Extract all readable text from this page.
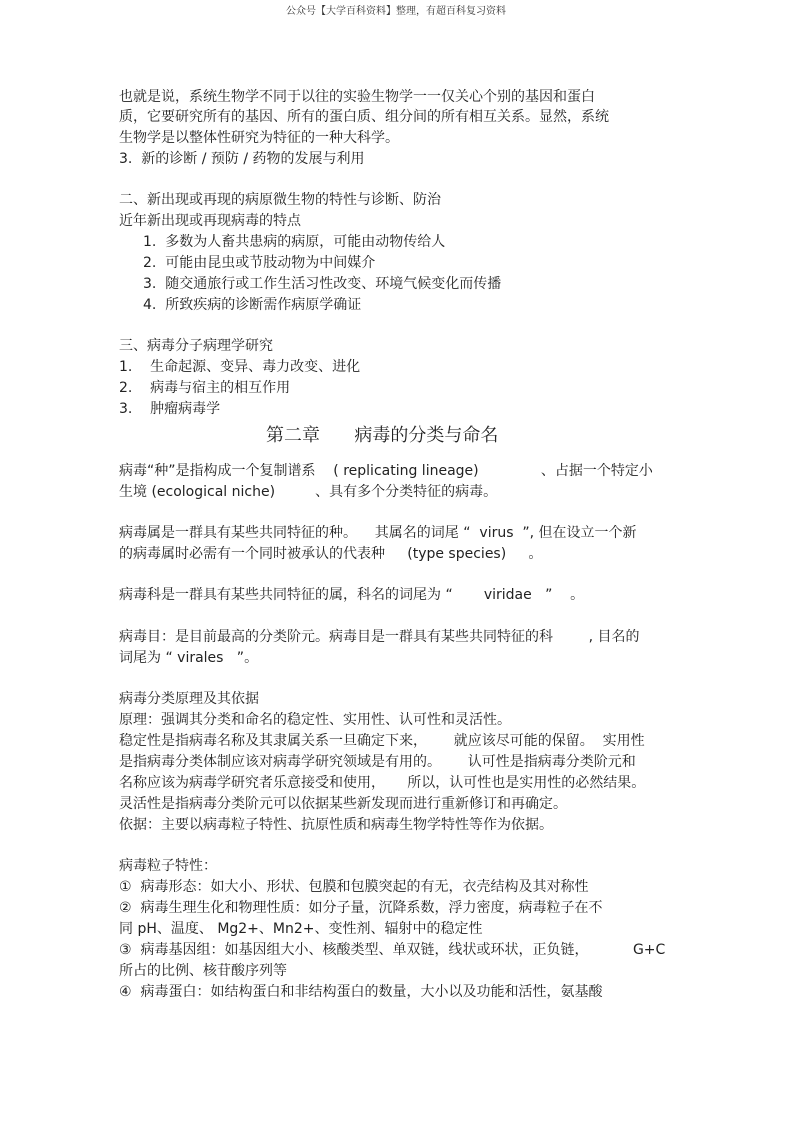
公众号【大学百科资料】整理，有超百科复习资料
也就是说，系统生物学不同于以往的实验生物学一一仅关心个别的基因和蛋白
质，它要研究所有的基因、所有的蛋白质、组分间的所有相互关系。显然，系统
生物学是以整体性研究为特征的一种大科学。
3.  新的诊断 / 预防 / 药物的发展与利用
二、新出现或再现的病原微生物的特性与诊断、防治
近年新出现或再现病毒的特点
1.  多数为人畜共患病的病原，可能由动物传给人
2.  可能由昆虫或节肢动物为中间媒介
3.  随交通旅行或工作生活习性改变、环境气候变化而传播
4.  所致疾病的诊断需作病原学确证
三、病毒分子病理学研究
1.    生命起源、变异、毒力改变、进化
2.    病毒与宿主的相互作用
3.    肿瘤病毒学
第二章      病毒的分类与命名
病毒“种”是指构成一个复制谱系    ( replicating lineage)              、占据一个特定小
生境 (ecological niche)         、具有多个分类特征的病毒。
病毒属是一群具有某些共同特征的种。    其属名的词尾 “  virus  ”, 但在设立一个新
的病毒属时必需有一个同时被承认的代表种     (type species)     。
病毒科是一群具有某些共同特征的属，科名的词尾为 “       viridae   ”    。
病毒目：是目前最高的分类阶元。病毒目是一群具有某些共同特征的科        , 目名的
词尾为 “ virales   ”。
病毒分类原理及其依据
原理：强调其分类和命名的稳定性、实用性、认可性和灵活性。
稳定性是指病毒名称及其隶属关系一旦确定下来，      就应该尽可能的保留。  实用性
是指病毒分类体制应该对病毒学研究领域是有用的。      认可性是指病毒分类阶元和
名称应该为病毒学研究者乐意接受和使用，     所以，认可性也是实用性的必然结果。
灵活性是指病毒分类阶元可以依据某些新发现而进行重新修订和再确定。
依据：主要以病毒粒子特性、抗原性质和病毒生物学特性等作为依据。
病毒粒子特性：
①  病毒形态：如大小、形状、包膜和包膜突起的有无，衣壳结构及其对称性
②  病毒生理生化和物理性质：如分子量，沉降系数，浮力密度，病毒粒子在不
同 pH、温度、 Mg2+、Mn2+、变性剂、辐射中的稳定性
③  病毒基因组：如基因组大小、核酸类型、单双链，线状或环状，正负链，          G+C
所占的比例、核苷酸序列等
④  病毒蛋白：如结构蛋白和非结构蛋白的数量，大小以及功能和活性，氨基酸
